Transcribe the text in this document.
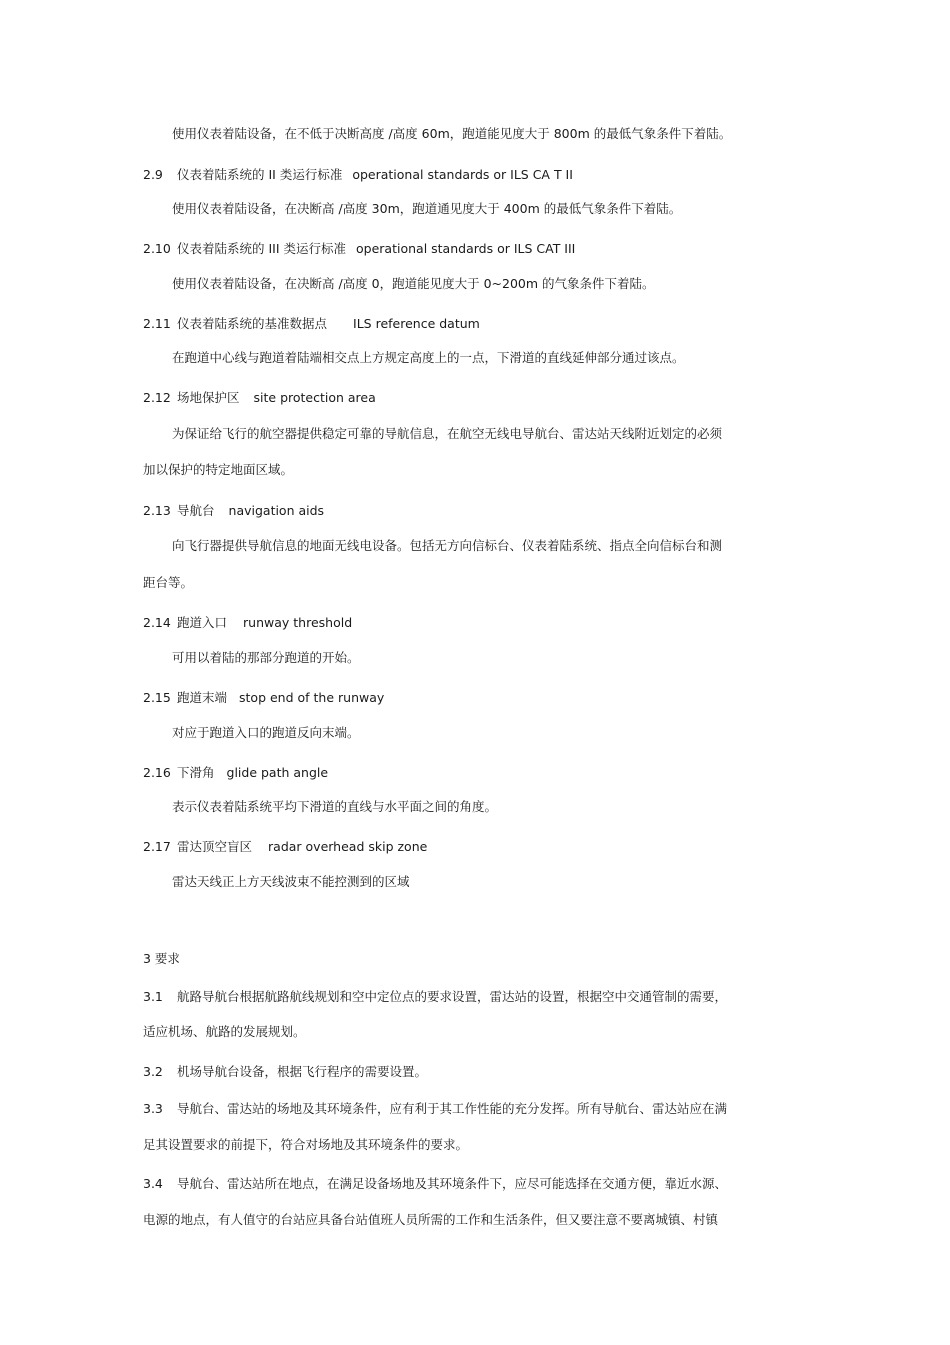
使用仪表着陆设备，在不低于决断高度 /高度 60m，跑道能见度大于 800m 的最低气象条件下着陆。
2.9 仪表着陆系统的 II 类运行标准 operational standards or ILS CA T II
使用仪表着陆设备，在决断高 /高度 30m，跑道通见度大于 400m 的最低气象条件下着陆。
2.10 仪表着陆系统的 III 类运行标准 operational standards or ILS CAT III
使用仪表着陆设备，在决断高 /高度 0，跑道能见度大于 0~200m 的气象条件下着陆。
2.11 仪表着陆系统的基准数据点 ILS reference datum
在跑道中心线与跑道着陆端相交点上方规定高度上的一点，下滑道的直线延伸部分通过该点。
2.12 场地保护区 site protection area
为保证给飞行的航空器提供稳定可靠的导航信息，在航空无线电导航台、雷达站天线附近划定的必须
加以保护的特定地面区域。
2.13 导航台 navigation aids
向飞行器提供导航信息的地面无线电设备。包括无方向信标台、仪表着陆系统、指点全向信标台和测
距台等。
2.14 跑道入口 runway threshold
可用以着陆的那部分跑道的开始。
2.15 跑道末端 stop end of the runway
对应于跑道入口的跑道反向末端。
2.16 下滑角 glide path angle
表示仪表着陆系统平均下滑道的直线与水平面之间的角度。
2.17 雷达顶空盲区 radar overhead skip zone
雷达天线正上方天线波束不能控测到的区域
3 要求
3.1 航路导航台根据航路航线规划和空中定位点的要求设置，雷达站的设置，根据空中交通管制的需要，
适应机场、航路的发展规划。
3.2 机场导航台设备，根据飞行程序的需要设置。
3.3 导航台、雷达站的场地及其环境条件，应有利于其工作性能的充分发挥。所有导航台、雷达站应在满
足其设置要求的前提下，符合对场地及其环境条件的要求。
3.4 导航台、雷达站所在地点，在满足设备场地及其环境条件下，应尽可能选择在交通方便，靠近水源、
电源的地点，有人值守的台站应具备台站值班人员所需的工作和生活条件，但又要注意不要离城镇、村镇
